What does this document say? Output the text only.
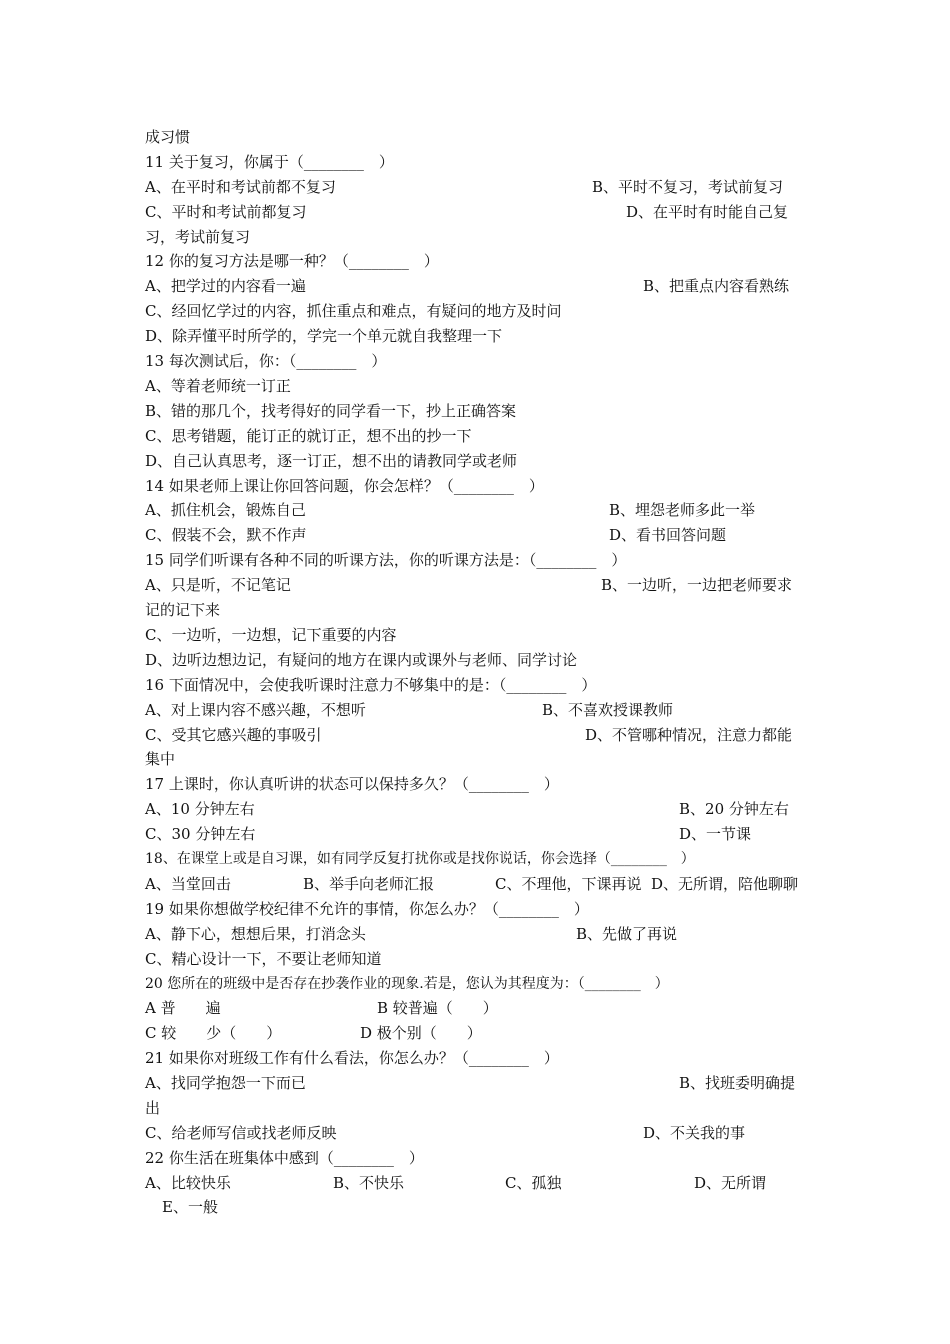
成习惯
11 关于复习，你属于（________　）
A、在平时和考试前都不复习	B、平时不复习，考试前复习
C、平时和考试前都复习	D、在平时有时能自己复
习，考试前复习
12 你的复习方法是哪一种？（________　）
A、把学过的内容看一遍	B、把重点内容看熟练
C、经回忆学过的内容，抓住重点和难点，有疑问的地方及时问
D、除弄懂平时所学的，学完一个单元就自我整理一下
13 每次测试后，你：（________　）
A、等着老师统一订正
B、错的那几个，找考得好的同学看一下，抄上正确答案
C、思考错题，能订正的就订正，想不出的抄一下
D、自己认真思考，逐一订正，想不出的请教同学或老师
14 如果老师上课让你回答问题，你会怎样？（________　）
A、抓住机会，锻炼自己	B、埋怨老师多此一举
C、假装不会，默不作声	D、看书回答问题
15 同学们听课有各种不同的听课方法，你的听课方法是：（________　）
A、只是听，不记笔记	B、一边听，一边把老师要求
记的记下来
C、一边听，一边想，记下重要的内容
D、边听边想边记，有疑问的地方在课内或课外与老师、同学讨论
16 下面情况中，会使我听课时注意力不够集中的是：（________　）
A、对上课内容不感兴趣，不想听	B、不喜欢授课教师
C、受其它感兴趣的事吸引	D、不管哪种情况，注意力都能
集中
17 上课时，你认真听讲的状态可以保持多久？（________　）
A、10 分钟左右	B、20 分钟左右
C、30 分钟左右	D、一节课
18、在课堂上或是自习课，如有同学反复打扰你或是找你说话，你会选择（________　）
A、当堂回击	B、举手向老师汇报	C、不理他，下课再说 D、无所谓，陪他聊聊
19 如果你想做学校纪律不允许的事情，你怎么办？（________　）
A、静下心，想想后果，打消念头	B、先做了再说
C、精心设计一下，不要让老师知道
20 您所在的班级中是否存在抄袭作业的现象.若是，您认为其程度为：（________　）
A 普　　遍	B 较普遍（　　）
C 较　　少（　　）	D 极个别（　　）
21 如果你对班级工作有什么看法，你怎么办？（________　）
A、找同学抱怨一下而已	B、找班委明确提
出
C、给老师写信或找老师反映	D、不关我的事
22 你生活在班集体中感到（________　）
A、比较快乐	B、不快乐	C、孤独	D、无所谓
E、一般
